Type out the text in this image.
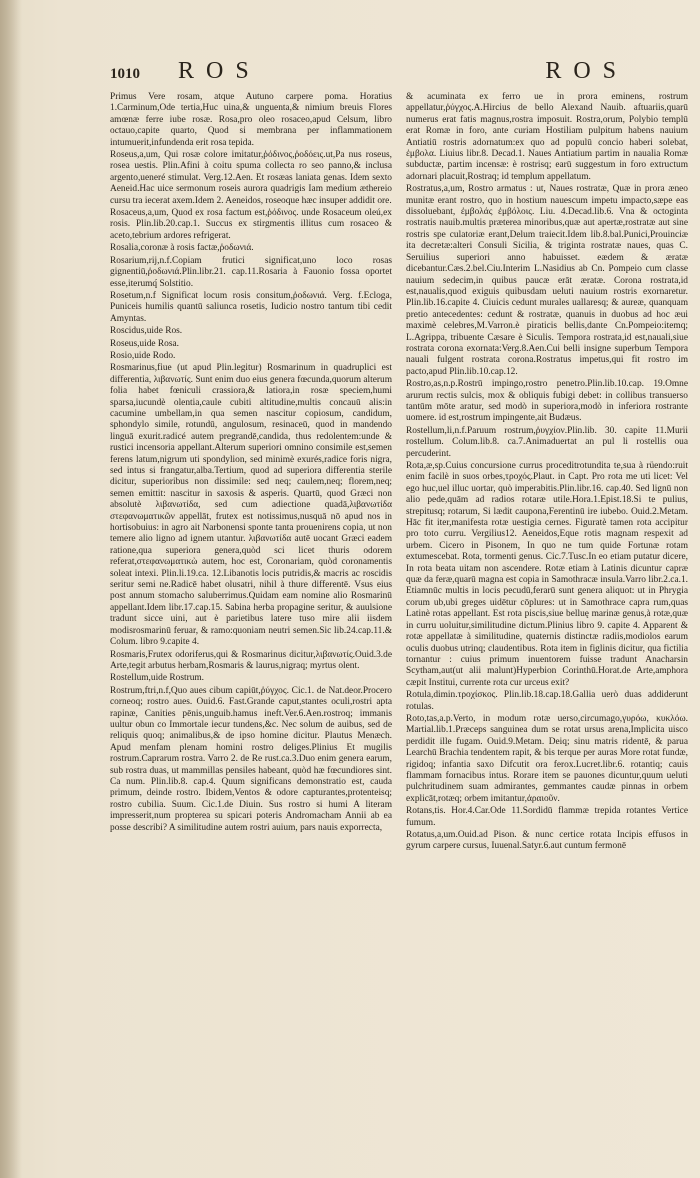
1010	ROS	ROS

Primus Vere rosam, atque Autuno carpere poma. Horatius 1.Carminum,Ode tertia,Huc uina,& unguenta,& nimium breuis Flores amœnæ ferre iube rosæ. Rosa,pro oleo rosaceo,apud Celsum, libro octauo,capite quarto, Quod si membrana per inflammationem intumuerit,infundenda erit rosa tepida.

Roseus,a,um, Qui rosæ colore imitatur,ῥόδινος,ῥοδόεις.ut,Pa nus roseus, rosea uestis. Plin.Afini à coitu spuma collecta ro seo panno,& inclusa argento,ueneré stimulat. Verg.12.Aen. Et rosæas laniata genas. Idem sexto Aeneid.Hac uice sermonum roseis aurora quadrigis Iam medium æthereio cursu tra iecerat axem.Idem 2. Aeneidos, roseoque hæc insuper addidit ore.

Rosaceus,a,um, Quod ex rosa factum est,ῥόδινος. unde Rosaceum oleú,ex rosis. Plin.lib.20.cap.1. Succus ex stirgmentis illitus cum rosaceo & aceto,tebrium ardores refrigerat.

Rosalia,coronæ à rosis factæ,ῥοδωνιά.

Rosarium,rij,n.f.Copiam frutici significat,uno loco rosas gignentiū,ῥοδωνιά.Plin.libr.21. cap.11.Rosaria à Fauonio fossa oportet esse,iterumq́ Solstitio.

Rosetum,n.f Significat locum rosis consitum,ῥοδωνιά. Verg. f.Ecloga, Puniceis humilis quantū saliunca rosetis, Iudicio nostro tantum tibi cedit Amyntas.

Roscidus,uide Ros.

Roseus,uide Rosa.

Rosio,uide Rodo.

Rosmarinus,fiue (ut apud Plin.legitur) Rosmarinum in quadruplici est differentia, λιβανωτίς. Sunt enim duo eius genera fœcunda,quorum alterum folia habet fœniculi crassiora,& latiora,in rosæ speciem,humi sparsa,iucundè olentia,caule cubiti altitudine,multis concauū alis:in cacumine umbellam,in qua semen nascitur copiosum, candidum, sphondylo simile, rotundū, angulosum, resinaceū, quod in mandendo linguā exurit.radicé autem pregrandē,candida, thus redolentem:unde & rustici incensoria appellant.Alterum superiori omnino consimile est,semen ferens latum,nigrum uti spondylion, sed minimè exurés,radice foris nigra, sed intus si frangatur,alba.Tertium, quod ad superiora differentia sterile dicitur, superioribus non dissimile: sed neq; caulem,neq; florem,neq; semen emittit: nascitur in saxosis & asperis. Quartū, quod Græci non absolutè λιβανωτίδα, sed cum adiectione quadā,λιβανωτίδα στεφανωματικῶν appellāt, frutex est notissimus,nusquā nō apud nos in hortisobuius: in agro ait Narbonensi sponte tanta prouenirens copia, ut non temere alio ligno ad ignem utantur. λιβανωτίδα autē uocant Græci eadem ratione,qua superiora genera,quòd sci licet thuris odorem referat,στεφανωματικὼ autem, hoc est, Coronariam, quòd coronamentis soleat intexi. Plin.li.19.ca. 12.Libanotis locis putridis,& macris ac roscidis seritur semi ne.Radicē habet olusatri, nihil à thure differentē. Vsus eius post annum stomacho saluberrimus.Quidam eam nomine alio Rosmarinū appellant.Idem libr.17.cap.15. Sabina herba propagine seritur, & auulsione tradunt sicce uini, aut è parietibus latere tuso mire alii iisdem modisrosmarinū feruar, & ramo:quoniam neutri semen.Sic lib.24.cap.11.& Colum. libro 9.capite 4.

Rosmaris,Frutex odoriferus,qui & Rosmarinus dicitur,λιβανωτίς.Ouid.3.de Arte,tegit arbutus herbam,Rosmaris & laurus,nigraq; myrtus olent.

Rostellum,uide Rostrum.

Rostrum,ftri,n.f,Quo aues cibum capiūt,ῥύγχος. Cic.1. de Nat.deor.Procero corneoq; rostro aues. Ouid.6. Fast.Grande caput,stantes oculi,rostri apta rapinæ, Canities pēnis,unguib.hamus ineft.Ver.6.Aen.rostroq; immanis uultur obun co Immortale iecur tundens,&c. Nec solum de auibus, sed de reliquis quoq; animalibus,& de ipso homine dicitur. Plautus Menæch. Apud menfam plenam homini rostro deliges.Plinius Et mugilis rostrum.Caprarum rostra. Varro 2. de Re rust.ca.3.Duo enim genera earum, sub rostra duas, ut mammillas pensiles habeant, quòd hæ fœcundiores sint. Ca num. Plin.lib.8. cap.4. Quum significans demonstratio est, cauda primum, deinde rostro. Ibidem,Ventos & odore capturantes,protenteisq; rostro cubilia. Suum. Cic.1.de Diuin. Sus rostro si humi A literam impresserit,num propterea su spicari poteris Andromacham Annii ab ea posse describi? A similitudine autem rostri auium, pars nauis exporrecta,

& acuminata ex ferro ue in prora eminens, rostrum appellatur,ῥύγχος.A.Hircius de bello Alexand Nauib. aftuariis,quarū numerus erat fatis magnus,rostra imposuit. Rostra,orum, Polybio templū erat Romæ in foro, ante curiam Hostiliam pulpitum habens nauium Antiatiū rostris adornatum:ex quo ad populū concio haberi solebat, ἐμβολα. Liuius libr.8. Decad.1. Naues Antiatium partim in naualia Romæ subductæ, partim incensæ: è rostrisq; earū suggestum in foro extructum adornari placuit,Rostraq; id templum appellatum.

Rostratus,a,um, Rostro armatus : ut, Naues rostratæ, Quæ in prora æneo munitæ erant rostro, quo in hostium nauescum impetu impacto,sæpe eas dissoluebant, ἐμβολάς ἐμβόλοις. Liu. 4.Decad.lib.6. Vna & octoginta rostratis nauib.multis præterea minoribus,quæ aut apertæ,rostratæ aut sine rostris spe culatoriæ erant,Delum traiecit.Idem lib.8.bal.Punici,Prouinciæ ita decretæ:alteri Consuli Sicilia, & triginta rostratæ naues, quas C. Seruilius superiori anno habuisset. eædem & æratæ dicebantur.Cæs.2.bel.Ciu.Interim L.Nasidius ab Cn. Pompeio cum classe nauium sedecim,in quibus paucæ erāt æratæ. Corona rostrata,id est,naualis,quod exiguis quibusdam ueluti nauium rostris exornaretur. Plin.lib.16.capite 4. Ciuicis cedunt murales uallaresq; & aureæ, quanquam pretio antecedentes: cedunt & rostratæ, quanuis in duobus ad hoc æui maximè celebres,M.Varron.è piraticis bellis,dante Cn.Pompeio:itemq; L.Agrippa, tribuente Cæsare è Siculis. Tempora rostrata,id est,nauali,siue rostrata corona exornata:Verg.8.Aen.Cui belli insigne superbum Tempora nauali fulgent rostrata corona.Rostratus impetus,qui fit rostro im pacto,apud Plin.lib.10.cap.12.

Rostro,as,n.p.Rostrū impingo,rostro penetro.Plin.lib.10.cap. 19.Omne arurum rectis sulcis, mox & obliquis fubigi debet: in collibus transuerso tantūm mōte aratur, sed modò in superiora,modò in inferiora rostrante uomere. id est,rostrum impingente,ait Budæus.

Rostellum,li,n.f.Paruum rostrum,ῥυγχίον.Plin.lib. 30. capite 11.Murii rostellum. Colum.lib.8. ca.7.Animaduertat an pul li rostellis oua percuderint.

Rota,æ,sp.Cuius concursione currus proceditrotundita te,sua à rüendo:ruit enim facilè in suos orbes,τροχός.Plaut. in Capt. Pro rota me uti licet: Vel ego huc,uel illuc uortar, quò imperabitis.Plin.libr.16. cap.40. Sed lignū non alio pede,quām ad radios rotaræ utile.Hora.1.Epist.18.Si te pulius, strepitusq; rotarum, Si lædit caupona,Ferentinū ire iubebo. Ouid.2.Metam. Hāc fit iter,manifesta rotæ uestigia cernes. Figuratè tamen rota accipitur pro toto curru. Vergilius12. Aeneidos,Eque rotis magnam respexit ad urbem. Cicero in Pisonem, In quo ne tum quide Fortunæ rotam extumescebat. Rota, tormenti genus. Cic.7.Tusc.In eo etiam putatur dicere, In rota beata uitam non ascendere. Rotæ etiam à Latinis dicuntur capræ quæ da feræ,quarū magna est copia in Samothracæ insula.Varro libr.2.ca.1. Etiamnūc multis in locis pecudū,ferarū sunt genera aliquot: ut in Phrygia corum ub,ubi greges uidētur cōplures: ut in Samothrace capra rum,quas Latinè rotas appellant. Est rota piscis,siue belluę marinæ genus,à rotæ,quæ in curru uoluitur,similitudine dictum.Plinius libro 9. capite 4. Apparent & rotæ appellatæ à similitudine, quaternis distinctæ radiis,modiolos earum oculis duobus utrinq; claudentibus. Rota item in figlinis dicitur, qua fictilia tornantur : cuius primum inuentorem fuisse tradunt Anacharsin Scytham,aut(ut alii malunt)Hyperbion Corinthū.Horat.de Arte,amphora cæpit Institui, currente rota cur urceus exit?

Rotula,dimin.τροχίσκος. Plin.lib.18.cap.18.Gallia uerò duas addiderunt rotulas.

Roto,tas,a.p.Verto, in modum rotæ uerso,circumago,γυρόω, κυκλόω. Martial.lib.1.Præceps sanguinea dum se rotat ursus arena,Implicita uisco perdidit ille fugam. Ouid.9.Metam. Deiq; sinu matris ridentē, & parua Learchū Brachia tendentem rapit, & bis terque per auras More rotat fundæ, rigidoq; infantia saxo Difcutit ora ferox.Lucret.libr.6. rotantiq; cauis flammam fornacibus intus. Rorare item se pauones dicuntur,quum ueluti pulchritudinem suam admirantes, gemmantes caudæ pinnas in orbem explicāt,rotæq; orbem imitantur,ἀραιοῦν.

Rotans,tis. Hor.4.Car.Ode 11.Sordidū flammæ trepida rotantes Vertice fumum.

Rotatus,a,um.Ouid.ad Pison. & nunc certice rotata Incipis effusos in gyrum carpere cursus, Iuuenal.Satyr.6.aut cuntum fermonē
